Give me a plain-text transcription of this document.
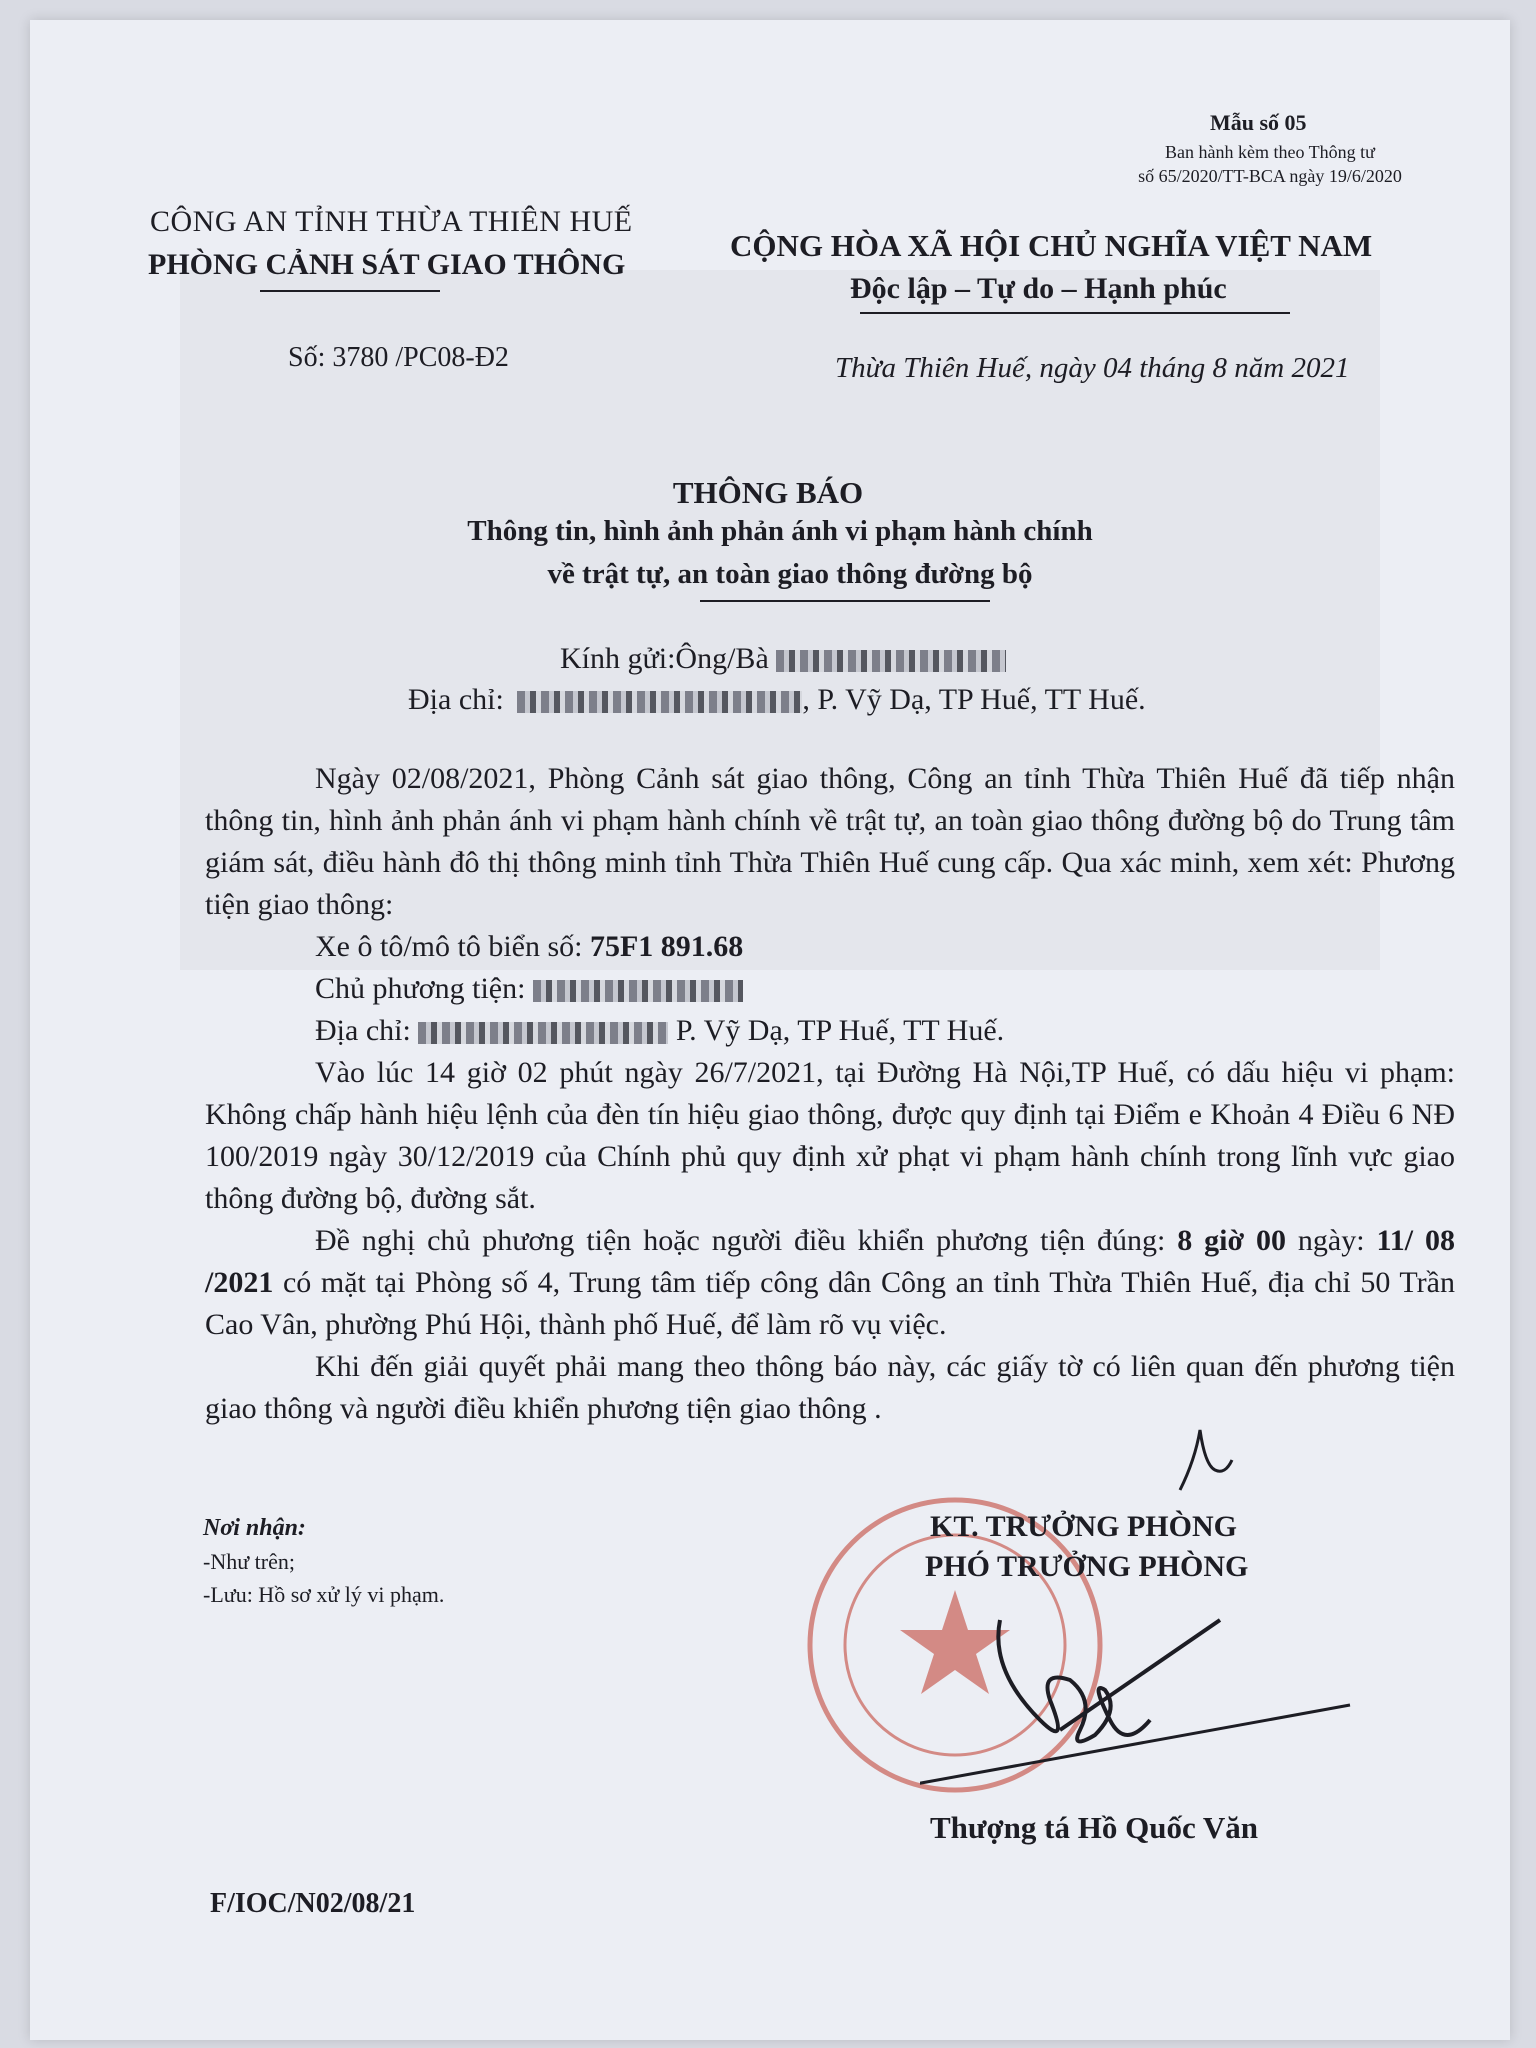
Mẫu số 05
Ban hành kèm theo Thông tư
số 65/2020/TT-BCA ngày 19/6/2020
CÔNG AN TỈNH THỪA THIÊN HUẾ
PHÒNG CẢNH SÁT GIAO THÔNG
CỘNG HÒA XÃ HỘI CHỦ NGHĨA VIỆT NAM
Độc lập – Tự do – Hạnh phúc
Số: 3780 /PC08-Đ2	Thừa Thiên Huế, ngày 04 tháng 8 năm 2021
THÔNG BÁO
Thông tin, hình ảnh phản ánh vi phạm hành chính
về trật tự, an toàn giao thông đường bộ
Kính gửi:Ông/Bà
Địa chỉ:	, P. Vỹ Dạ, TP Huế, TT Huế.

Ngày 02/08/2021, Phòng Cảnh sát giao thông, Công an tỉnh Thừa Thiên Huế đã tiếp nhận thông tin, hình ảnh phản ánh vi phạm hành chính về trật tự, an toàn giao thông đường bộ do Trung tâm giám sát, điều hành đô thị thông minh tỉnh Thừa Thiên Huế cung cấp. Qua xác minh, xem xét: Phương tiện giao thông:

Xe ô tô/mô tô biển số: 75F1 891.68

Chủ phương tiện:

Địa chỉ:	P. Vỹ Dạ, TP Huế, TT Huế.

Vào lúc 14 giờ 02 phút ngày 26/7/2021, tại Đường Hà Nội,TP Huế, có dấu hiệu vi phạm: Không chấp hành hiệu lệnh của đèn tín hiệu giao thông, được quy định tại Điểm e Khoản 4 Điều 6 NĐ 100/2019 ngày 30/12/2019 của Chính phủ quy định xử phạt vi phạm hành chính trong lĩnh vực giao thông đường bộ, đường sắt.

Đề nghị chủ phương tiện hoặc người điều khiển phương tiện đúng: 8 giờ 00 ngày: 11/ 08 /2021 có mặt tại Phòng số 4, Trung tâm tiếp công dân Công an tỉnh Thừa Thiên Huế, địa chỉ 50 Trần Cao Vân, phường Phú Hội, thành phố Huế, để làm rõ vụ việc.

Khi đến giải quyết phải mang theo thông báo này, các giấy tờ có liên quan đến phương tiện giao thông và người điều khiển phương tiện giao thông .

Nơi nhận:
-Như trên;
-Lưu: Hồ sơ xử lý vi phạm.
KT. TRƯỞNG PHÒNG
PHÓ TRƯỞNG PHÒNG
Thượng tá Hồ Quốc Văn
F/IOC/N02/08/21
